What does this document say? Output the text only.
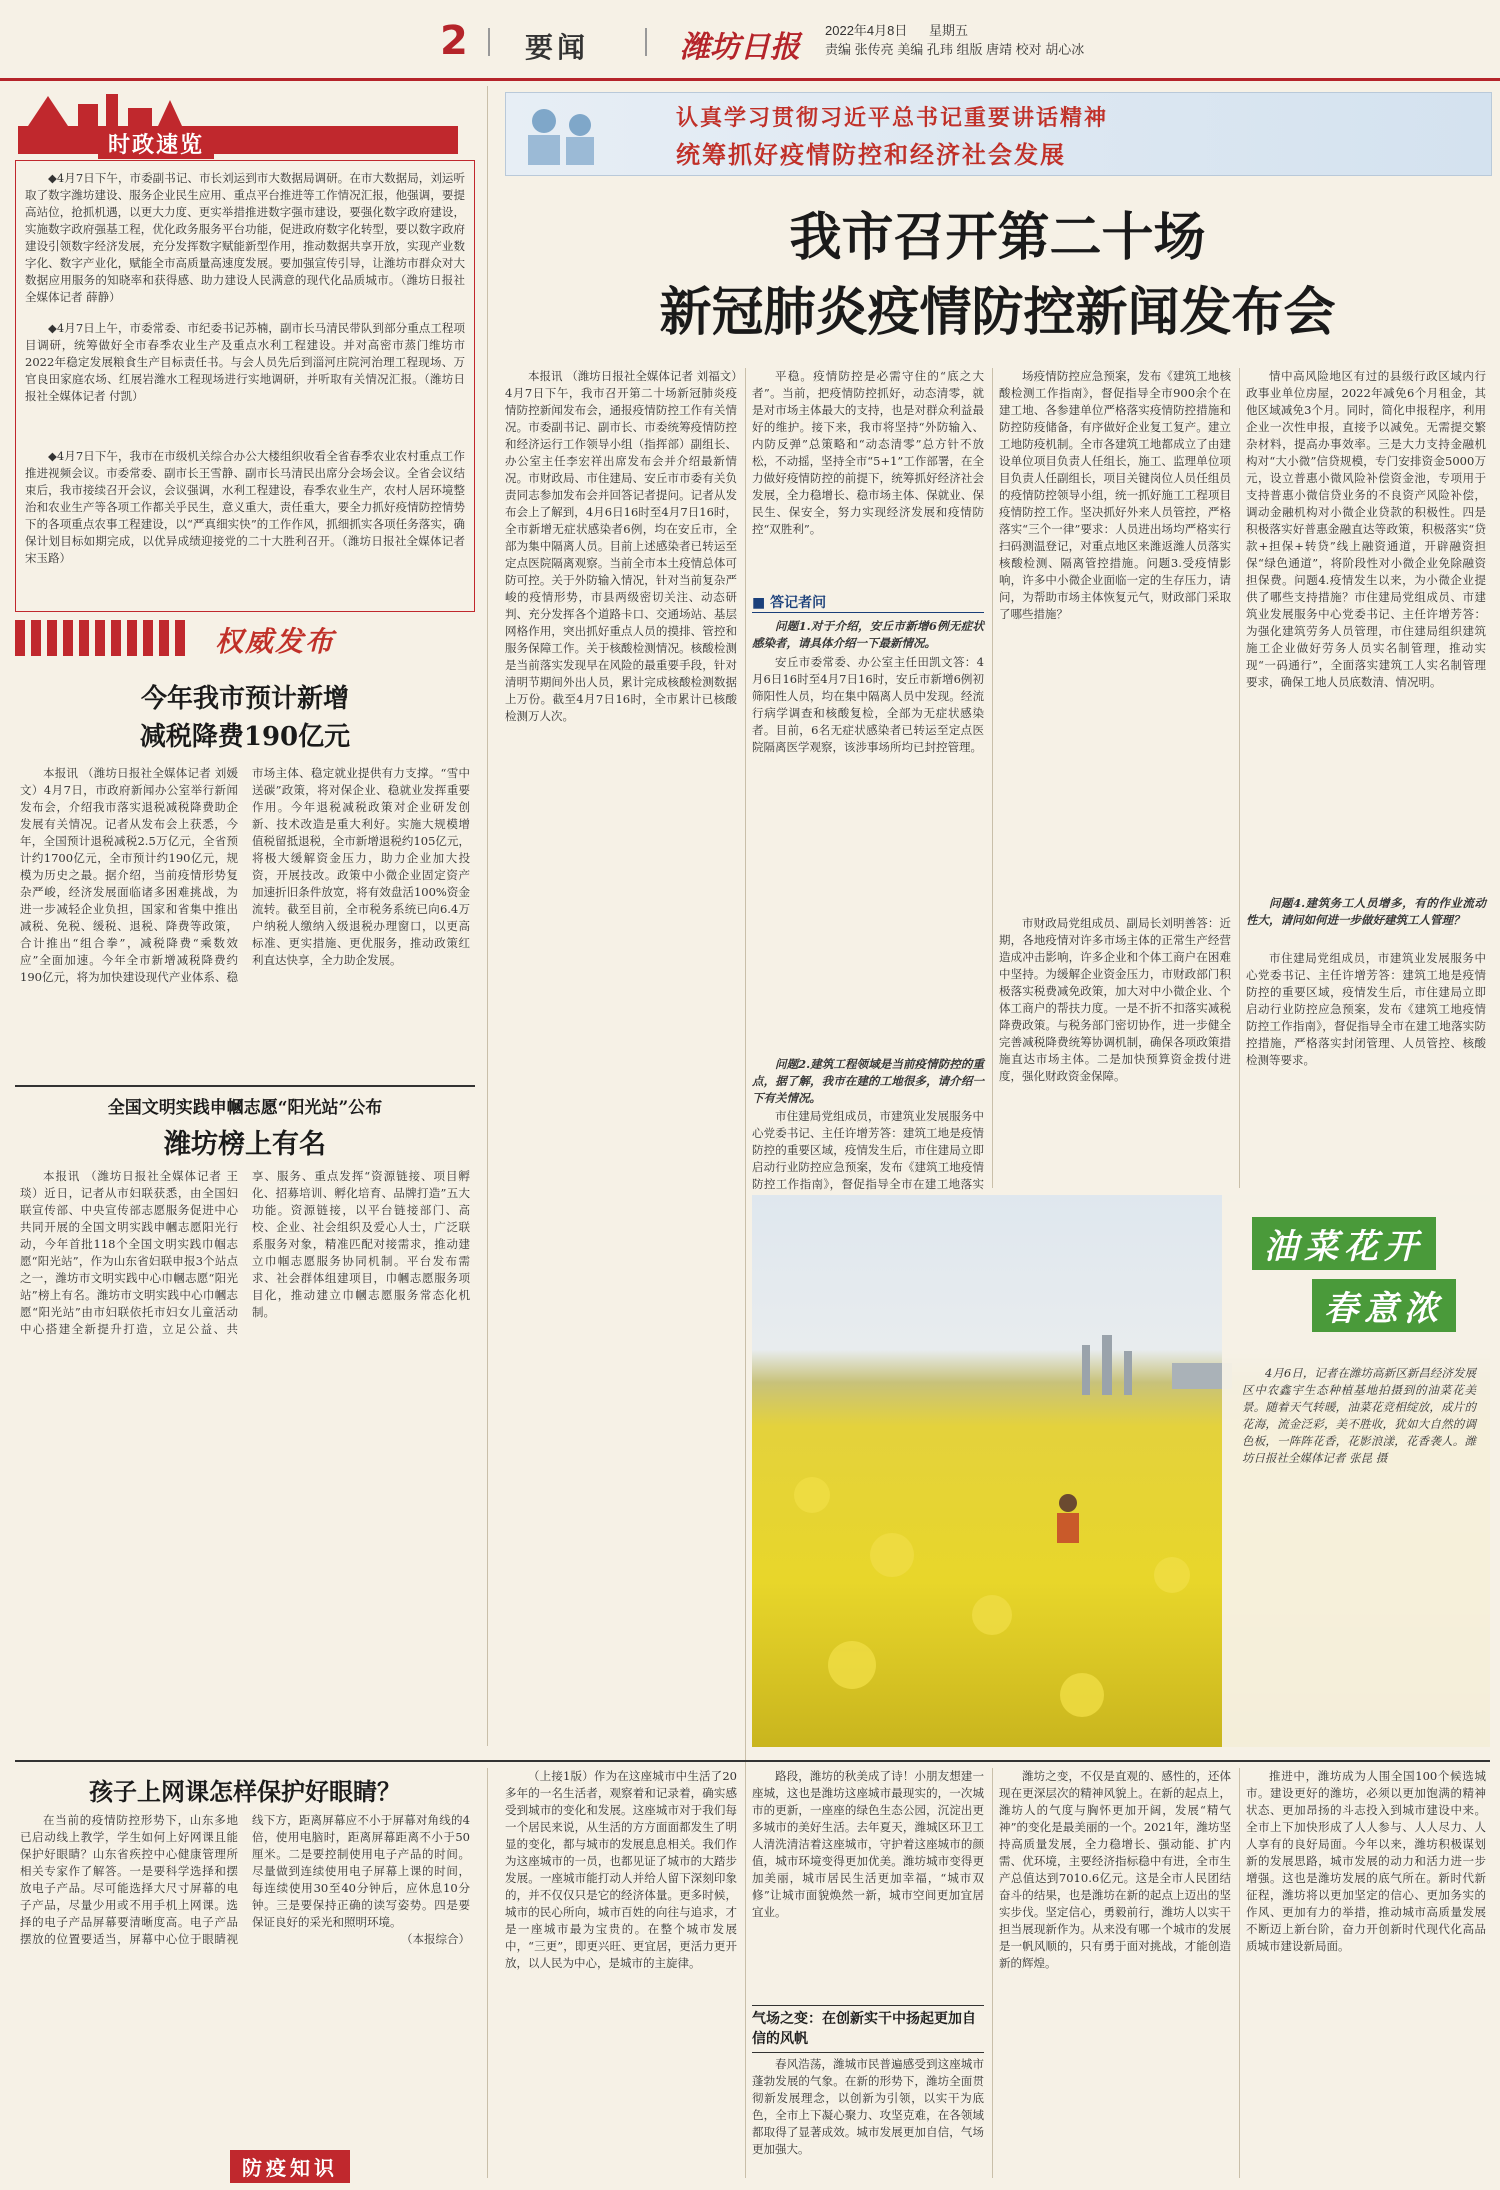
2 要闻	潍坊日报 2022年4月8日 星期五
责编 张传亮 美编 孔玮 组版 唐靖 校对 胡心冰
时政速览

◆4月7日下午，市委副书记、市长刘运到市大数据局调研。在市大数据局，刘运听取了数字潍坊建设、服务企业民生应用、重点平台推进等工作情况汇报，他强调，要提高站位，抢抓机遇，以更大力度、更实举措推进数字强市建设，要强化数字政府建设，实施数字政府强基工程，优化政务服务平台功能，促进政府数字化转型，要以数字政府建设引领数字经济发展，充分发挥数字赋能新型作用，推动数据共享开放，实现产业数字化、数字产业化，赋能全市高质量高速度发展。要加强宣传引导，让潍坊市群众对大数据应用服务的知晓率和获得感、助力建设人民满意的现代化品质城市。（潍坊日报社全媒体记者 薛静）

◆4月7日上午，市委常委、市纪委书记苏楠，副市长马清民带队到部分重点工程项目调研，统筹做好全市春季农业生产及重点水利工程建设。并对高密市蒸门维坊市2022年稳定发展粮食生产目标责任书。与会人员先后到淄河庄院河治理工程现场、万官良田家庭农场、红展岩潍水工程现场进行实地调研，并听取有关情况汇报。（潍坊日报社全媒体记者 付凯）

◆4月7日下午，我市在市级机关综合办公大楼组织收看全省春季农业农村重点工作推进视频会议。市委常委、副市长王雪静、副市长马清民出席分会场会议。全省会议结束后，我市接续召开会议，会议强调，水利工程建设，春季农业生产，农村人居环境整治和农业生产等各项工作都关乎民生，意义重大，责任重大，要全力抓好疫情防控情势下的各项重点农事工程建设，以“严真细实快”的工作作风，抓细抓实各项任务落实，确保计划目标如期完成，以优异成绩迎接党的二十大胜利召开。（潍坊日报社全媒体记者 宋玉路）

权威发布
今年我市预计新增
减税降费190亿元

本报讯 （潍坊日报社全媒体记者 刘媛文）4月7日，市政府新闻办公室举行新闻发布会，介绍我市落实退税减税降费助企发展有关情况。记者从发布会上获悉，今年，全国预计退税减税2.5万亿元，全省预计约1700亿元，全市预计约190亿元，规模为历史之最。据介绍，当前疫情形势复杂严峻，经济发展面临诸多困难挑战，为进一步减轻企业负担，国家和省集中推出减税、免税、缓税、退税、降费等政策，合计推出“组合拳”，减税降费“乘数效应”全面加速。今年全市新增减税降费约190亿元，将为加快建设现代产业体系、稳市场主体、稳定就业提供有力支撑。“雪中送碳”政策，将对保企业、稳就业发挥重要作用。今年退税减税政策对企业研发创新、技术改造是重大利好。实施大规模增值税留抵退税，全市新增退税约105亿元，将极大缓解资金压力，助力企业加大投资，开展技改。政策中小微企业固定资产加速折旧条件放宽，将有效盘活100%资金流转。截至目前，全市税务系统已向6.4万户纳税人缴纳入级退税办理窗口，以更高标准、更实措施、更优服务，推动政策红利直达快享，全力助企发展。

全国文明实践申幗志愿“阳光站”公布
潍坊榜上有名

本报讯 （潍坊日报社全媒体记者 王琰）近日，记者从市妇联获悉，由全国妇联宣传部、中央宣传部志愿服务促进中心共同开展的全国文明实践申幗志愿阳光行动，今年首批118个全国文明实践巾帼志愿“阳光站”，作为山东省妇联申报3个站点之一，潍坊市文明实践中心巾幗志愿“阳光站”榜上有名。潍坊市文明实践中心巾幗志愿“阳光站”由市妇联依托市妇女儿童活动中心搭建全新提升打造，立足公益、共享、服务、重点发挥“资源链接、项目孵化、招募培训、孵化培育、品牌打造”五大功能。资源链接，以平台链接部门、高校、企业、社会组织及爱心人士，广泛联系服务对象，精准匹配对接需求，推动建立巾帼志愿服务协同机制。平台发布需求、社会群体组建项目，巾幗志愿服务项目化，推动建立巾幗志愿服务常态化机制。

认真学习贯彻习近平总书记重要讲话精神
统筹抓好疫情防控和经济社会发展
我市召开第二十场
新冠肺炎疫情防控新闻发布会

本报讯 （潍坊日报社全媒体记者 刘福文）4月7日下午，我市召开第二十场新冠肺炎疫情防控新闻发布会，通报疫情防控工作有关情况。市委副书记、副市长、市委统筹疫情防控和经济运行工作领导小组（指挥部）副组长、办公室主任李宏祥出席发布会并介绍最新情况。市财政局、市住建局、安丘市市委有关负责同志参加发布会并回答记者提问。记者从发布会上了解到，4月6日16时至4月7日16时，全市新增无症状感染者6例，均在安丘市，全部为集中隔离人员。目前上述感染者已转运至定点医院隔离观察。当前全市本土疫情总体可防可控。关于外防输入情况，针对当前复杂严峻的疫情形势，市县两级密切关注、动态研判、充分发挥各个道路卡口、交通场站、基层网格作用，突出抓好重点人员的摸排、管控和服务保障工作。关于核酸检测情况。核酸检测是当前落实发现早在风险的最重要手段，针对清明节期间外出人员，累计完成核酸检测数据上万份。截至4月7日16时，全市累计已核酸检测万人次。

平稳。疫情防控是必需守住的“底之大者”。当前，把疫情防控抓好，动态清零，就是对市场主体最大的支持，也是对群众利益最好的维护。接下来，我市将坚持“外防输入、内防反弹”总策略和“动态清零”总方针不放松，不动摇，坚持全市“5+1”工作部署，在全力做好疫情防控的前提下，统筹抓好经济社会发展，全力稳增长、稳市场主体、保就业、保民生、保安全，努力实现经济发展和疫情防控“双胜利”。

■ 答记者问

问题1.对于介绍，安丘市新增6例无症状感染者，请具体介绍一下最新情况。

安丘市委常委、办公室主任田凯文答：4月6日16时至4月7日16时，安丘市新增6例初筛阳性人员，均在集中隔离人员中发现。经流行病学调查和核酸复检，全部为无症状感染者。目前，6名无症状感染者已转运至定点医院隔离医学观察，该涉事场所均已封控管理。

问题2.建筑工程领域是当前疫情防控的重点，据了解，我市在建的工地很多，请介绍一下有关情况。

市住建局党组成员，市建筑业发展服务中心党委书记、主任许增芳答：建筑工地是疫情防控的重要区域，疫情发生后，市住建局立即启动行业防控应急预案，发布《建筑工地疫情防控工作指南》，督促指导全市在建工地落实

场疫情防控应急预案，发布《建筑工地核酸检测工作指南》，督促指导全市900余个在建工地、各参建单位严格落实疫情防控措施和防控防疫储备，有序做好企业复工复产。建立工地防疫机制。全市各建筑工地都成立了由建设单位项目负责人任组长，施工、监理单位项目负责人任副组长，项目关键岗位人员任组员的疫情防控领导小组，统一抓好施工工程项目疫情防控工作。坚决抓好外来人员管控，严格落实“三个一律”要求：人员进出场均严格实行扫码测温登记，对重点地区来潍返潍人员落实核酸检测、隔离管控措施。问题3.受疫情影响，许多中小微企业面临一定的生存压力，请问，为帮助市场主体恢复元气，财政部门采取了哪些措施？

市财政局党组成员、副局长刘明善答：近期，各地疫情对许多市场主体的正常生产经营造成冲击影响，许多企业和个体工商户在困难中坚持。为缓解企业资金压力，市财政部门积极落实税费减免政策，加大对中小微企业、个体工商户的帮扶力度。一是不折不扣落实减税降费政策。与税务部门密切协作，进一步健全完善减税降费统筹协调机制，确保各项政策措施直达市场主体。二是加快预算资金拨付进度，强化财政资金保障。

情中高风险地区有过的县级行政区域内行政事业单位房屋，2022年减免6个月租金，其他区域减免3个月。同时，简化申报程序，利用企业一次性申报，直接予以减免。无需提交繁杂材料，提高办事效率。三是大力支持金融机构对“大小微”信贷规模，专门安排资金5000万元，设立普惠小微风险补偿资金池，专项用于支持普惠小微信贷业务的不良资产风险补偿，调动金融机构对小微企业贷款的积极性。四是积极落实好普惠金融直达等政策，积极落实“贷款+担保+转贷”线上融资通道，开辟融资担保“绿色通道”，将阶段性对小微企业免除融资担保费。问题4.疫情发生以来，为小微企业提供了哪些支持措施？市住建局党组成员、市建筑业发展服务中心党委书记、主任许增芳答：为强化建筑劳务人员管理，市住建局组织建筑施工企业做好劳务人员实名制管理，推动实现“一码通行”，全面落实建筑工人实名制管理要求，确保工地人员底数清、情况明。

问题4.建筑务工人员增多，有的作业流动性大，请问如何进一步做好建筑工人管理？

市住建局党组成员，市建筑业发展服务中心党委书记、主任许增芳答：建筑工地是疫情防控的重要区域，疫情发生后，市住建局立即启动行业防控应急预案，发布《建筑工地疫情防控工作指南》，督促指导全市在建工地落实防控措施，严格落实封闭管理、人员管控、核酸检测等要求。

油菜花开
春意浓

4月6日，记者在潍坊高新区新昌经济发展区中农鑫宇生态种植基地拍摄到的油菜花美景。随着天气转暖，油菜花竞相绽放，成片的花海，流金泛彩，美不胜收，犹如大自然的调色板，一阵阵花香，花影浪漾，花香袭人。潍坊日报社全媒体记者 张昆 摄

孩子上网课怎样保护好眼睛？

在当前的疫情防控形势下，山东多地已启动线上教学，学生如何上好网课且能保护好眼睛？山东省疾控中心健康管理所相关专家作了解答。一是要科学选择和摆放电子产品。尽可能选择大尺寸屏幕的电子产品，尽量少用或不用手机上网课。选择的电子产品屏幕要清晰度高。电子产品摆放的位置要适当，屏幕中心位于眼睛视线下方，距离屏幕应不小于屏幕对角线的4倍，使用电脑时，距离屏幕距离不小于50厘米。二是要控制使用电子产品的时间。尽量做到连续使用电子屏幕上课的时间，每连续使用30至40分钟后，应休息10分钟。三是要保持正确的读写姿势。四是要保证良好的采光和照明环境。

（本报综合）

防疫知识

（上接1版）作为在这座城市中生活了20多年的一名生活者，观察着和记录着，确实感受到城市的变化和发展。这座城市对于我们每一个居民来说，从生活的方方面面都发生了明显的变化，都与城市的发展息息相关。我们作为这座城市的一员，也都见证了城市的大踏步发展。一座城市能打动人并给人留下深刻印象的，并不仅仅只是它的经济体量。更多时候，城市的民心所向，城市百姓的向往与追求，才是一座城市最为宝贵的。在整个城市发展中，“三更”，即更兴旺、更宜居，更活力更开放，以人民为中心，是城市的主旋律。

路段，潍坊的秋美成了诗！小朋友想建一座城，这也是潍坊这座城市最现实的，一次城市的更新，一座座的绿色生态公园，沉淀出更多城市的美好生活。去年夏天，潍城区环卫工人清洗清洁着这座城市，守护着这座城市的颜值，城市环境变得更加优美。潍坊城市变得更加美丽，城市居民生活更加幸福，“城市双修”让城市面貌焕然一新，城市空间更加宜居宜业。

气场之变：在创新实干中扬起更加自信的风帆

春风浩荡，潍城市民普遍感受到这座城市蓬勃发展的气象。在新的形势下，潍坊全面贯彻新发展理念，以创新为引领，以实干为底色，全市上下凝心聚力、攻坚克难，在各领域都取得了显著成效。城市发展更加自信，气场更加强大。

潍坊之变，不仅是直观的、感性的，还体现在更深层次的精神风貌上。在新的起点上，潍坊人的气度与胸怀更加开阔，发展“精气神”的变化是最美丽的一个。2021年，潍坊坚持高质量发展，全力稳增长、强动能、扩内需、优环境，主要经济指标稳中有进，全市生产总值达到7010.6亿元。这是全市人民团结奋斗的结果，也是潍坊在新的起点上迈出的坚实步伐。坚定信心，勇毅前行，潍坊人以实干担当展现新作为。从来没有哪一个城市的发展是一帆风顺的，只有勇于面对挑战，才能创造新的辉煌。

推进中，潍坊成为人围全国100个候选城市。建设更好的潍坊，必须以更加饱满的精神状态、更加昂扬的斗志投入到城市建设中来。全市上下加快形成了人人参与、人人尽力、人人享有的良好局面。今年以来，潍坊积极谋划新的发展思路，城市发展的动力和活力进一步增强。这也是潍坊发展的底气所在。新时代新征程，潍坊将以更加坚定的信心、更加务实的作风、更加有力的举措，推动城市高质量发展不断迈上新台阶，奋力开创新时代现代化高品质城市建设新局面。
